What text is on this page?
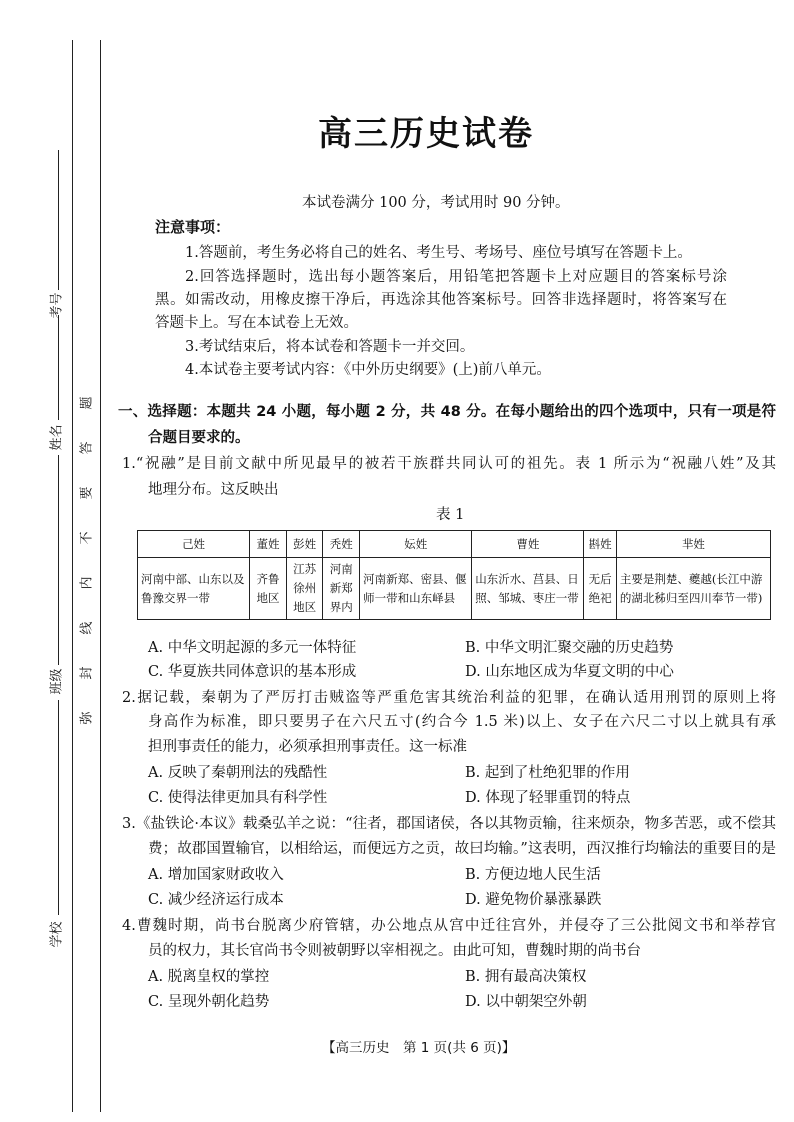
考号
姓名
班级
学校
弥封线内不要答题
高三历史试卷
本试卷满分 100 分，考试用时 90 分钟。
注意事项：
1.答题前，考生务必将自己的姓名、考生号、考场号、座位号填写在答题卡上。
2.回答选择题时，选出每小题答案后，用铅笔把答题卡上对应题目的答案标号涂
黑。如需改动，用橡皮擦干净后，再选涂其他答案标号。回答非选择题时，将答案写在
答题卡上。写在本试卷上无效。
3.考试结束后，将本试卷和答题卡一并交回。
4.本试卷主要考试内容：《中外历史纲要》(上)前八单元。
一、选择题：本题共 24 小题，每小题 2 分，共 48 分。在每小题给出的四个选项中，只有一项是符
合题目要求的。
1.“祝融”是目前文献中所见最早的被若干族群共同认可的祖先。表 1 所示为“祝融八姓”及其
地理分布。这反映出
表 1
己姓	董姓	彭姓	秃姓	妘姓	曹姓	斟姓	芈姓
河南中部、山东以及鲁豫交界一带	齐鲁地区	江苏徐州地区	河南新郑界内	河南新郑、密县、偃师一带和山东峄县	山东沂水、莒县、日照、邹城、枣庄一带	无后绝祀	主要是荆楚、夔越(长江中游的湖北秭归至四川奉节一带)
A. 中华文明起源的多元一体特征	B. 中华文明汇聚交融的历史趋势
C. 华夏族共同体意识的基本形成	D. 山东地区成为华夏文明的中心
2.据记载，秦朝为了严厉打击贼盗等严重危害其统治利益的犯罪，在确认适用刑罚的原则上将
身高作为标准，即只要男子在六尺五寸(约合今 1.5 米)以上、女子在六尺二寸以上就具有承
担刑事责任的能力，必须承担刑事责任。这一标准
A. 反映了秦朝刑法的残酷性	B. 起到了杜绝犯罪的作用
C. 使得法律更加具有科学性	D. 体现了轻罪重罚的特点
3.《盐铁论·本议》载桑弘羊之说：“往者，郡国诸侯，各以其物贡输，往来烦杂，物多苦恶，或不偿其
费；故郡国置输官，以相给运，而便远方之贡，故曰均输。”这表明，西汉推行均输法的重要目的是
A. 增加国家财政收入	B. 方便边地人民生活
C. 减少经济运行成本	D. 避免物价暴涨暴跌
4.曹魏时期，尚书台脱离少府管辖，办公地点从宫中迁往宫外，并侵夺了三公批阅文书和举荐官
员的权力，其长官尚书令则被朝野以宰相视之。由此可知，曹魏时期的尚书台
A. 脱离皇权的掌控	B. 拥有最高决策权
C. 呈现外朝化趋势	D. 以中朝架空外朝
【高三历史　第 1 页(共 6 页)】
